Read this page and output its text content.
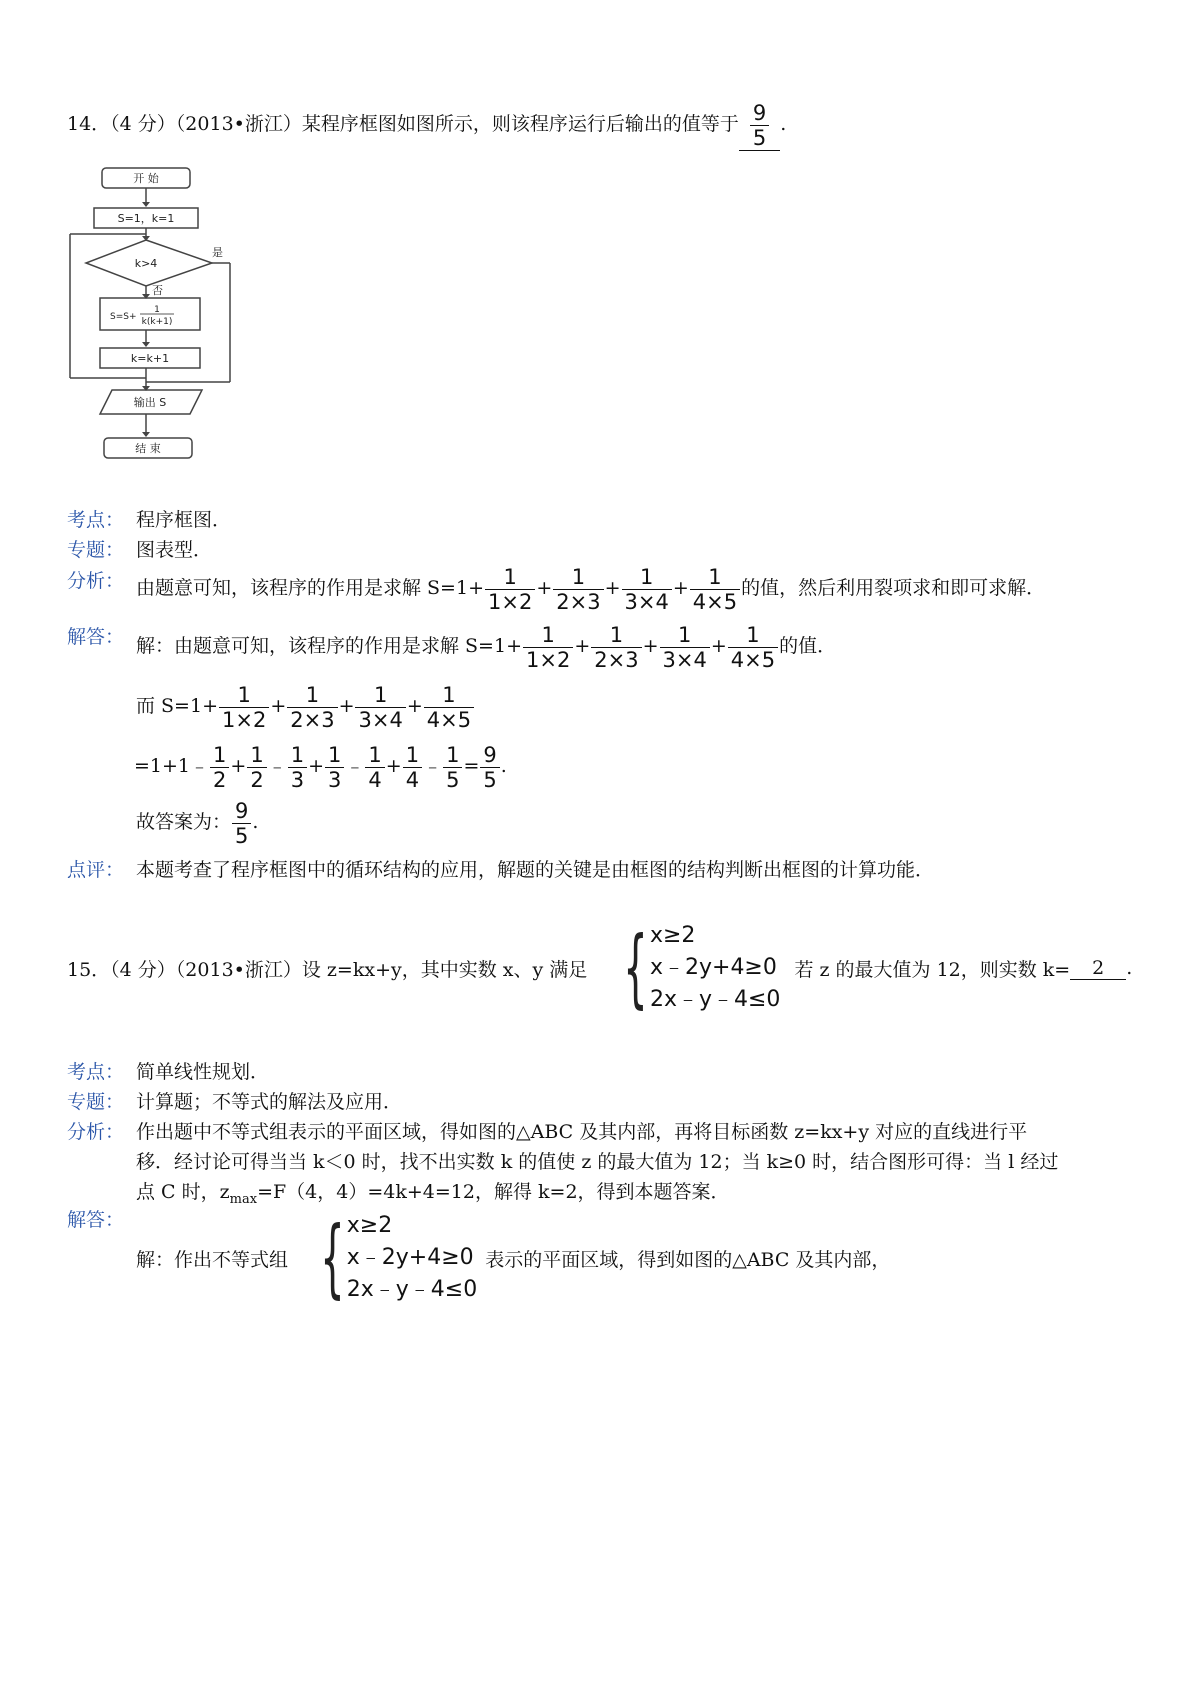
14．（4 分）（2013•浙江）某程序框图如图所示，则该程序运行后输出的值等于 $\frac{9}{5}$ .
开 始
S=1，k=1
k>4
是
否
S=S+
1
k(k+1)
k=k+1
输出 S
结 束
考点： 程序框图．
专题： 图表型．
分析： 由题意可知，该程序的作用是求解 $S=1+ \frac{1}{1\times 2} + \frac{1}{2\times 3} + \frac{1}{3\times 4} + \frac{1}{4\times 5}$ 的值，然后利用裂项求和即可求解．
解答： 解：由题意可知，该程序的作用是求解 $S=1+ \frac{1}{1\times 2} + \frac{1}{2\times 3} + \frac{1}{3\times 4} + \frac{1}{4\times 5}$ 的值．
而 $S=1+ \frac{1}{1\times 2} + \frac{1}{2\times 3} + \frac{1}{3\times 4} + \frac{1}{4\times 5}$
=1+1﹣ $\frac{1}{2} + \frac{1}{2}$ ﹣ $\frac{1}{3} + \frac{1}{3}$ ﹣ $\frac{1}{4} + \frac{1}{4}$ ﹣ $\frac{1}{5} = \frac{9}{5}$ .
故答案为： $\frac{9}{5}$ .
点评： 本题考查了程序框图中的循环结构的应用，解题的关键是由框图的结构判断出框图的计算功能．
15．（4 分）（2013•浙江）设 z=kx+y，其中实数 x、y 满足 { x≥2
x﹣2y+4≥0
2x﹣y﹣4≤0
若 z 的最大值为 12，则实数 k=	2	.
考点： 简单线性规划．
专题： 计算题；不等式的解法及应用．
分析： 作出题中不等式组表示的平面区域，得如图的△ABC 及其内部，再将目标函数 z=kx+y 对应的直线进行平
移．经讨论可得当当 k＜0 时，找不出实数 k 的值使 z 的最大值为 12；当 k≥0 时，结合图形可得：当 l 经过
点 C 时，$z_{max}=F(4$，4）=4k+4=12，解得 k=2，得到本题答案．
解答：
解：作出不等式组 { x≥2
x﹣2y+4≥0
2x﹣y﹣4≤0
表示的平面区域，得到如图的△ABC 及其内部，
